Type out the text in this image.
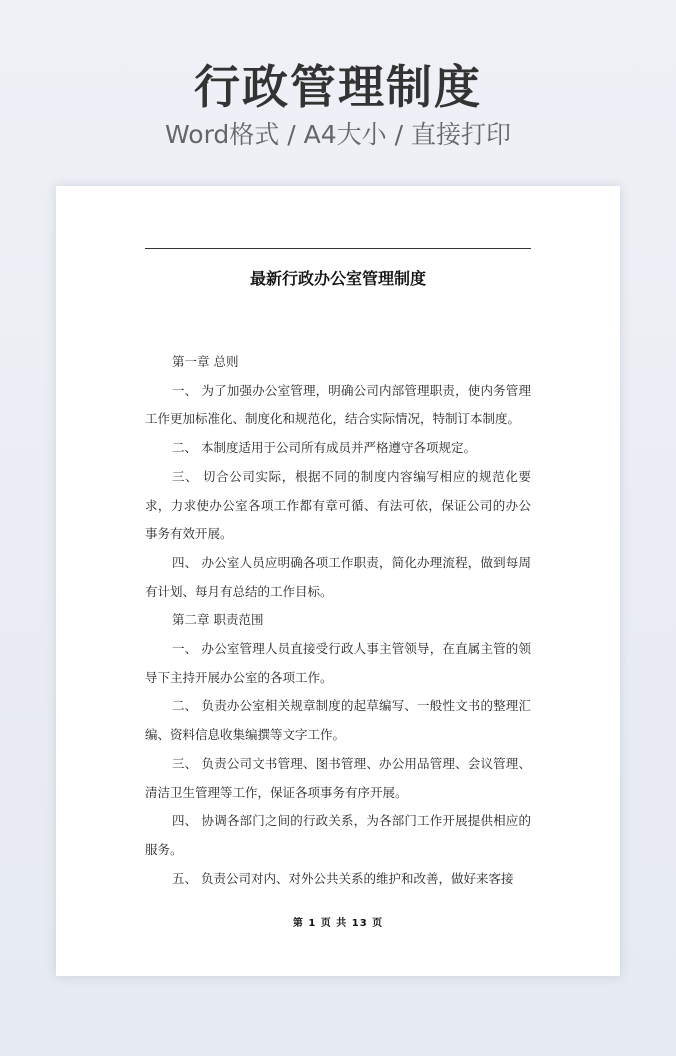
行政管理制度
Word格式 / A4大小 / 直接打印
最新行政办公室管理制度

第一章 总则

一、 为了加强办公室管理，明确公司内部管理职责，使内务管理工作更加标准化、制度化和规范化，结合实际情况，特制订本制度。

二、 本制度适用于公司所有成员并严格遵守各项规定。

三、 切合公司实际，根据不同的制度内容编写相应的规范化要求，力求使办公室各项工作都有章可循、有法可依，保证公司的办公事务有效开展。

四、 办公室人员应明确各项工作职责，简化办理流程，做到每周有计划、每月有总结的工作目标。

第二章 职责范围

一、 办公室管理人员直接受行政人事主管领导，在直属主管的领导下主持开展办公室的各项工作。

二、 负责办公室相关规章制度的起草编写、一般性文书的整理汇编、资料信息收集编撰等文字工作。

三、 负责公司文书管理、图书管理、办公用品管理、会议管理、清洁卫生管理等工作，保证各项事务有序开展。

四、 协调各部门之间的行政关系，为各部门工作开展提供相应的服务。

五、 负责公司对内、对外公共关系的维护和改善，做好来客接

第 1 页 共 13 页
